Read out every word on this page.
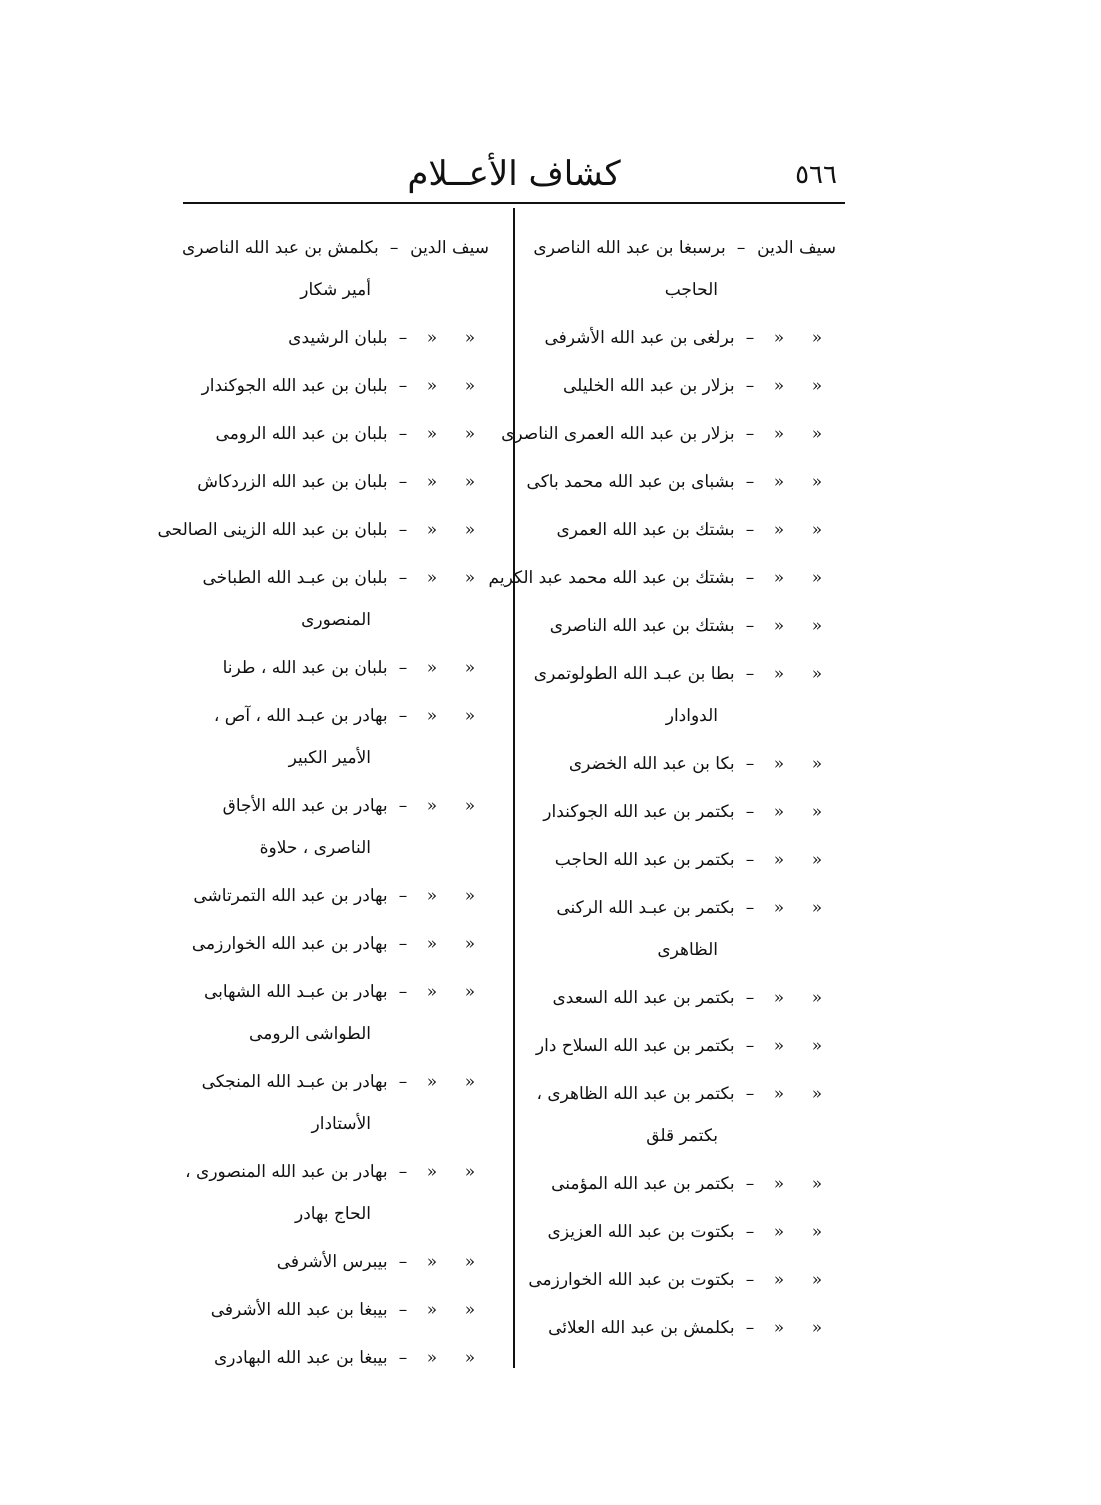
٥٦٦
كشاف الأعــلام
سيف الدين– برسبغا بن عبد الله الناصرى
الحاجب
««– برلغى بن عبد الله الأشرفى
««– بزلار بن عبد الله الخليلى
««– بزلار بن عبد الله العمرى الناصرى
««– بشباى بن عبد الله محمد باكى
««– بشتك بن عبد الله العمرى
««– بشتك بن عبد الله محمد عبد الكريم
««– بشتك بن عبد الله الناصرى
««– بطا بن عبـد الله الطولوتمرى
الدوادار
««– بكا بن عبد الله الخضرى
««– بكتمر بن عبد الله الجوكندار
««– بكتمر بن عبد الله الحاجب
««– بكتمر بن عبـد الله الركنى
الظاهرى
««– بكتمر بن عبد الله السعدى
««– بكتمر بن عبد الله السلاح دار
««– بكتمر بن عبد الله الظاهرى ،
بكتمر قلق
««– بكتمر بن عبد الله المؤمنى
««– بكتوت بن عبد الله العزيزى
««– بكتوت بن عبد الله الخوارزمى
««– بكلمش بن عبد الله العلائى
سيف الدين– بكلمش بن عبد الله الناصرى
أمير شكار
««– بلبان الرشيدى
««– بلبان بن عبد الله الجوكندار
««– بلبان بن عبد الله الرومى
««– بلبان بن عبد الله الزردكاش
««– بلبان بن عبد الله الزينى الصالحى
««– بلبان بن عبـد الله الطباخى
المنصورى
««– بلبان بن عبد الله ، طرنا
««– بهادر بن عبـد الله ، آص ،
الأمير الكبير
««– بهادر بن عبد الله الأجاق
الناصرى ، حلاوة
««– بهادر بن عبد الله التمرتاشى
««– بهادر بن عبد الله الخوارزمى
««– بهادر بن عبـد الله الشهابى
الطواشى الرومى
««– بهادر بن عبـد الله المنجكى
الأستادار
««– بهادر بن عبد الله المنصورى ،
الحاج بهادر
««– بيبرس الأشرفى
««– بيبغا بن عبد الله الأشرفى
««– بيبغا بن عبد الله البهادرى
